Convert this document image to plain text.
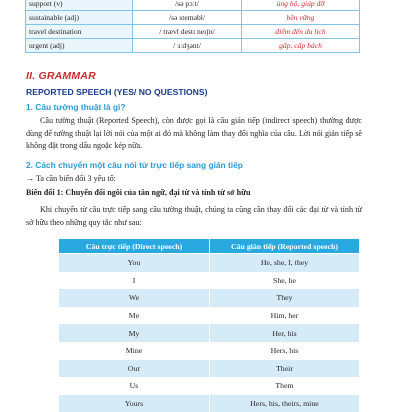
support (v)	/sə pɔːt/	ủng hộ, giúp đỡ
sustainable (adj)	/sə steməbl/	bền vững
travel destination	/ trævl destɪ neɪʃn/	điểm đến du lịch
urgent (adj)	/ ɜːdʒənt/	gấp, cấp bách
II. GRAMMAR
REPORTED SPEECH (YES/ NO QUESTIONS)
1. Câu tường thuật là gì?
Câu tường thuật (Reported Speech), còn được gọi là câu gián tiếp (indirect speech) thường được dùng để tường thuật lại lời nói của một ai đó mà không làm thay đổi nghĩa của câu. Lời nói gián tiếp sẽ không đặt trong dấu ngoặc kép nữa.
2. Cách chuyển một câu nói từ trực tiếp sang gián tiếp
→ Ta cần biến đổi 3 yếu tố:
Biến đổi 1: Chuyển đổi ngôi của tân ngữ, đại từ và tính từ sở hữu
Khi chuyển từ câu trực tiếp sang câu tường thuật, chúng ta cũng cần thay đổi các đại từ và tính từ sở hữu theo những quy tắc như sau:
Câu trực tiếp (Direct speech)	Câu gián tiếp (Reported speech)
You	He, she, I, they
I	She, he
We	They
Me	Him, her
My	Her, his
Mine	Hers, his
Our	Their
Us	Them
Yours	Hers, his, theirs, mine
